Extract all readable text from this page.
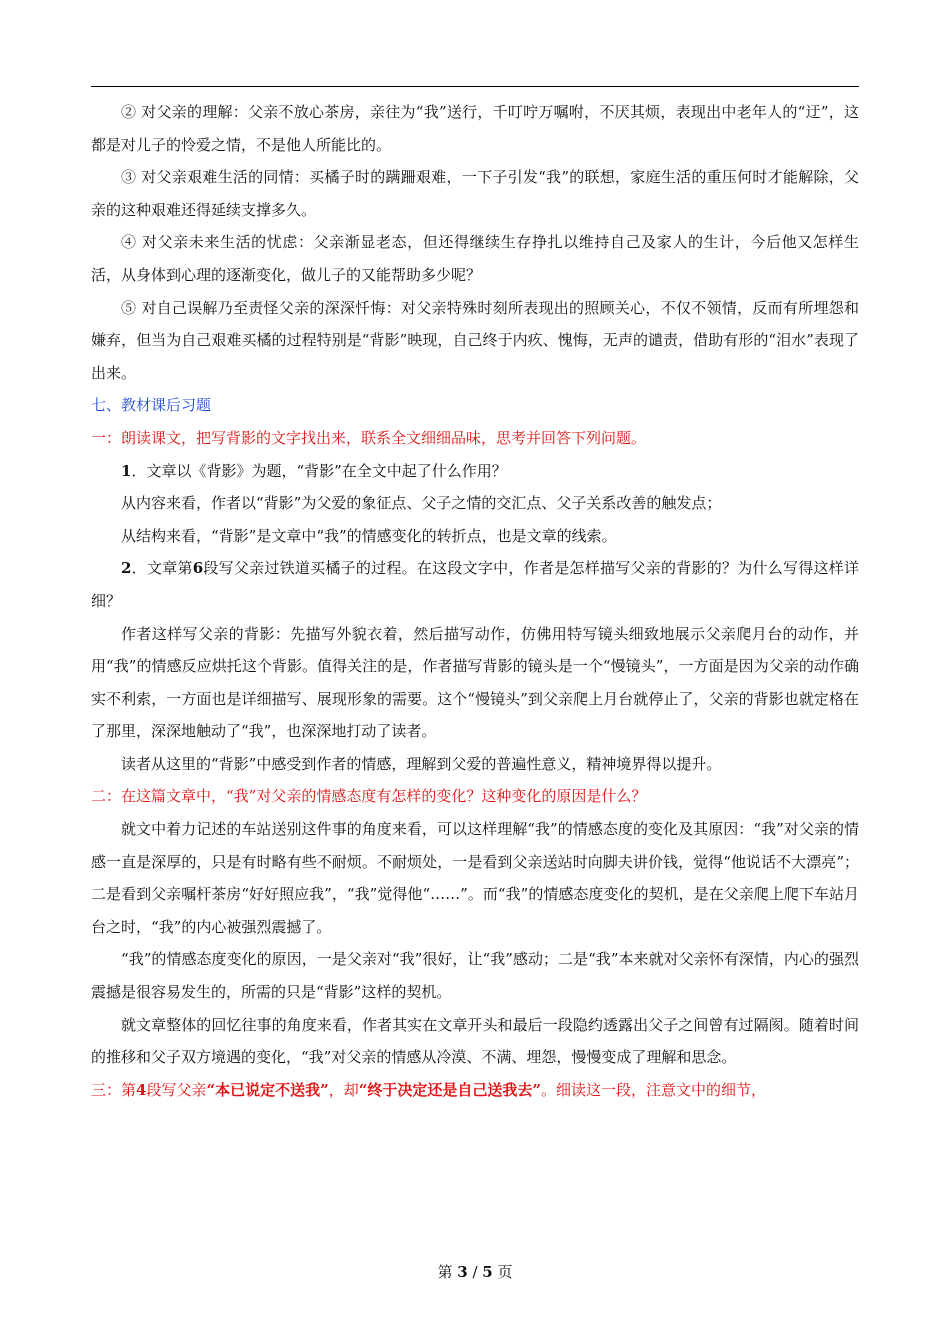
② 对父亲的理解：父亲不放心茶房，亲往为“我”送行，千叮咛万嘱咐，不厌其烦，表现出中老年人的“迂”，这都是对儿子的怜爱之情，不是他人所能比的。

③ 对父亲艰难生活的同情：买橘子时的蹒跚艰难，一下子引发“我”的联想，家庭生活的重压何时才能解除，父亲的这种艰难还得延续支撑多久。

④ 对父亲未来生活的忧虑：父亲渐显老态，但还得继续生存挣扎以维持自己及家人的生计，今后他又怎样生活，从身体到心理的逐渐变化，做儿子的又能帮助多少呢？

⑤ 对自己误解乃至责怪父亲的深深忏悔：对父亲特殊时刻所表现出的照顾关心，不仅不领情，反而有所埋怨和嫌弃，但当为自己艰难买橘的过程特别是“背影”映现，自己终于内疚、愧悔，无声的谴责，借助有形的“泪水”表现了出来。

七、教材课后习题

一：朗读课文，把写背影的文字找出来，联系全文细细品味，思考并回答下列问题。

1．文章以《背影》为题，“背影”在全文中起了什么作用？

从内容来看，作者以“背影”为父爱的象征点、父子之情的交汇点、父子关系改善的触发点；

从结构来看，“背影”是文章中“我”的情感变化的转折点，也是文章的线索。

2．文章第6段写父亲过铁道买橘子的过程。在这段文字中，作者是怎样描写父亲的背影的？为什么写得这样详细？

作者这样写父亲的背影：先描写外貌衣着，然后描写动作，仿佛用特写镜头细致地展示父亲爬月台的动作，并用“我”的情感反应烘托这个背影。值得关注的是，作者描写背影的镜头是一个“慢镜头”，一方面是因为父亲的动作确实不利索，一方面也是详细描写、展现形象的需要。这个“慢镜头”到父亲爬上月台就停止了，父亲的背影也就定格在了那里，深深地触动了“我”，也深深地打动了读者。

读者从这里的“背影”中感受到作者的情感，理解到父爱的普遍性意义，精神境界得以提升。

二：在这篇文章中，“我”对父亲的情感态度有怎样的变化？这种变化的原因是什么？

就文中着力记述的车站送别这件事的角度来看，可以这样理解“我”的情感态度的变化及其原因：“我”对父亲的情感一直是深厚的，只是有时略有些不耐烦。不耐烦处，一是看到父亲送站时向脚夫讲价钱，觉得“他说话不大漂亮”；二是看到父亲嘱杆茶房“好好照应我”，“我”觉得他“……”。而“我”的情感态度变化的契机，是在父亲爬上爬下车站月台之时，“我”的内心被强烈震撼了。

“我”的情感态度变化的原因，一是父亲对“我”很好，让“我”感动；二是“我”本来就对父亲怀有深情，内心的强烈震撼是很容易发生的，所需的只是“背影”这样的契机。

就文章整体的回忆往事的角度来看，作者其实在文章开头和最后一段隐约透露出父子之间曾有过隔阂。随着时间的推移和父子双方境遇的变化，“我”对父亲的情感从冷漠、不满、埋怨，慢慢变成了理解和思念。

三：第4段写父亲“本已说定不送我”，却“终于决定还是自己送我去”。细读这一段，注意文中的细节，

第 3 / 5 页
